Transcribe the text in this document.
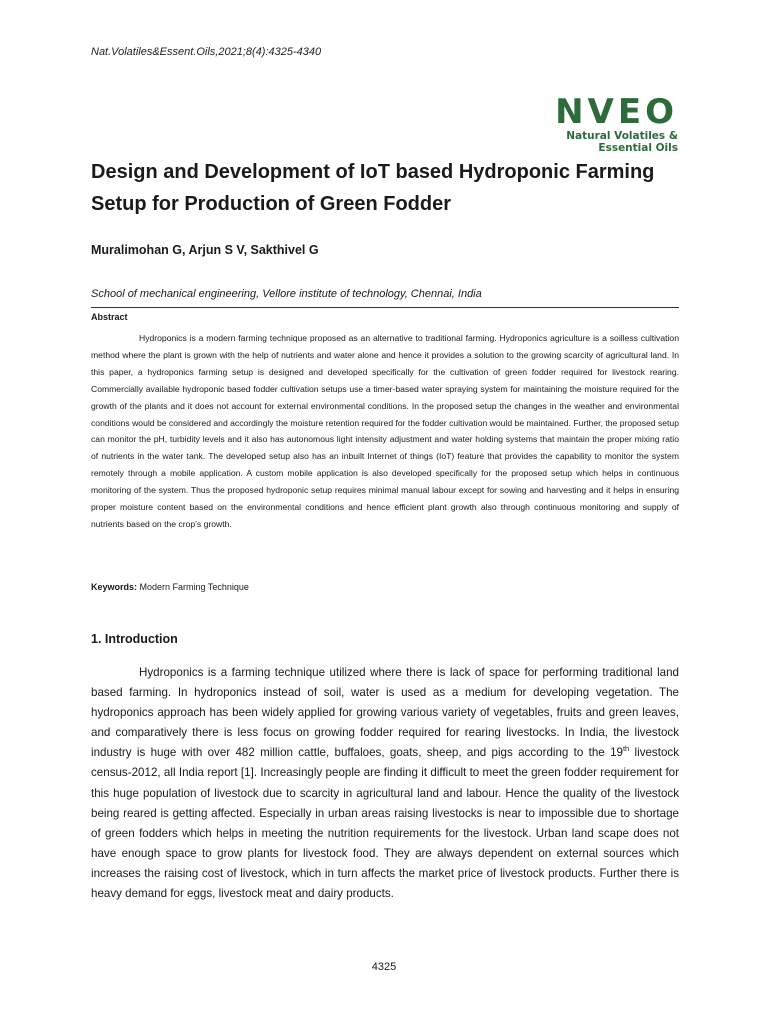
Nat.Volatiles&Essent.Oils,2021;8(4):4325-4340
NVEO
Natural Volatiles &
Essential Oils
Design and Development of IoT based Hydroponic Farming Setup for Production of Green Fodder
Muralimohan G, Arjun S V, Sakthivel G
School of mechanical engineering, Vellore institute of technology, Chennai, India
Abstract

Hydroponics is a modern farming technique proposed as an alternative to traditional farming. Hydroponics agriculture is a soilless cultivation method where the plant is grown with the help of nutrients and water alone and hence it provides a solution to the growing scarcity of agricultural land. In this paper, a hydroponics farming setup is designed and developed specifically for the cultivation of green fodder required for livestock rearing. Commercially available hydroponic based fodder cultivation setups use a timer-based water spraying system for maintaining the moisture required for the growth of the plants and it does not account for external environmental conditions. In the proposed setup the changes in the weather and environmental conditions would be considered and accordingly the moisture retention required for the fodder cultivation would be maintained. Further, the proposed setup can monitor the pH, turbidity levels and it also has autonomous light intensity adjustment and water holding systems that maintain the proper mixing ratio of nutrients in the water tank. The developed setup also has an inbuilt Internet of things (IoT) feature that provides the capability to monitor the system remotely through a mobile application. A custom mobile application is also developed specifically for the proposed setup which helps in continuous monitoring of the system. Thus the proposed hydroponic setup requires minimal manual labour except for sowing and harvesting and it helps in ensuring proper moisture content based on the environmental conditions and hence efficient plant growth also through continuous monitoring and supply of nutrients based on the crop’s growth.

Keywords: Modern Farming Technique
1. Introduction

Hydroponics is a farming technique utilized where there is lack of space for performing traditional land based farming. In hydroponics instead of soil, water is used as a medium for developing vegetation. The hydroponics approach has been widely applied for growing various variety of vegetables, fruits and green leaves, and comparatively there is less focus on growing fodder required for rearing livestocks. In India, the livestock industry is huge with over 482 million cattle, buffaloes, goats, sheep, and pigs according to the 19th livestock census-2012, all India report [1]. Increasingly people are finding it difficult to meet the green fodder requirement for this huge population of livestock due to scarcity in agricultural land and labour. Hence the quality of the livestock being reared is getting affected. Especially in urban areas raising livestocks is near to impossible due to shortage of green fodders which helps in meeting the nutrition requirements for the livestock. Urban land scape does not have enough space to grow plants for livestock food. They are always dependent on external sources which increases the raising cost of livestock, which in turn affects the market price of livestock products. Further there is heavy demand for eggs, livestock meat and dairy products.

4325
